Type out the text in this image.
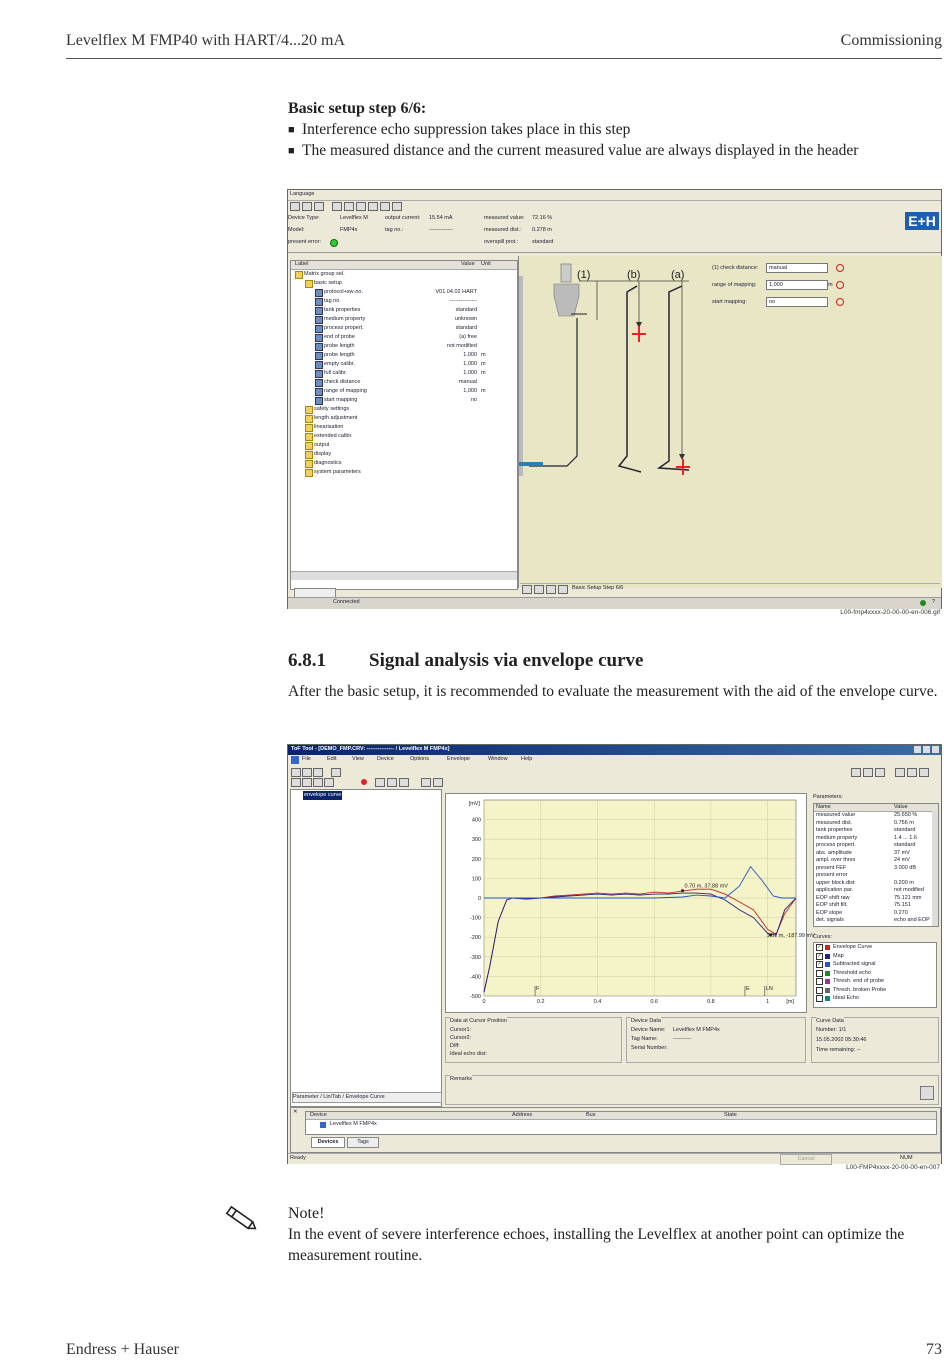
Levelflex M FMP40 with HART/4...20 mA	Commissioning
Basic setup step 6/6:
■ Interference echo suppression takes place in this step
■ The measured distance and the current measured value are always displayed in the header
Language
Device Type:	Levelflex M	output current: 15.54 mA	measured value: 72.16 %
Model:	FMP4x	tag no.:	-------------	measured dist.: 0.278 m
present error:	overspill prot.:	standard
E+H
Label	Value Unit
Matrix group sel.
basic setup
protocol+sw-no.	V01.04.02 HART
tag no.	---------------
tank properties	standard
medium property	unknown
process propert.	standard
end of probe	(a) free
probe length	not modified
probe length	1,000 m
empty calibr.	1,000 m
full calibr.	1,000 m
check distance	manual
range of mapping	1,000 m
start mapping	no
safety settings
length adjustment
linearisation
extended calibr.
output
display
diagnostics
system parameters
(1)	(b)	(a)
(1) check distance:	manual
range of mapping:	1,000	m
start mapping:	no
Basic Setup Step 6/6
Connected	?
L00-fmp4xxxx-20-00-00-en-006.gif
6.8.1 Signal analysis via envelope curve
After the basic setup, it is recommended to evaluate the measurement with the aid of the envelope curve.
ToF Tool - [DEMO_FMP.CRV: --------------- / Levelflex M FMP4x]
File	Edit	View Device	Options	Envelope	Window Help
envelope curve
Parameter / Lin/Tab / Envelope Curve
400
300
200
100
0
-100
-200
-300
-400
-500
0	0.2	0.4	0.6	0.8	1
[mV]
[m]
F	E	LN
0.70 m, 37.88 mV
1.01 m, -187.99 mV
Parameters:
Name	Value
measured value	25.650 %
measured dist.	0.756 m
tank properties	standard
medium property	1.4 ... 1.6
process propert.	standard
abs. amplitude	37 mV
ampl. over thres	24 mV
present FEF	3.000 dB
present error
upper block.dist	0.200 m
application par.	not modified
EOP shift raw	75.121 mm
EOP shift filt.	75.151
EOP slope	0.270
det. signals	echo and EOP
Curves:
✓ Envelope Curve
✓ Map
✓ Subtracted signal
Threshold echo
Thresh. end of probe
Thresh. broken Probe
Ideal Echo
Data at Cursor Position
Cursor1:
Cursor2:
Diff:
Ideal echo dist:
Device Data
Device Name: Levelflex M FMP4x
Tag Name:	----------
Serial Number:
Curve Data
Number: 1/1
15.05.2002 05:30:46
Time remaining: --
Remarks
✕ Device	Address	Bus	State
Levelflex M FMP4x
Devices	Tags
Ready	Cancel	NUM
L00-FMP4xxxx-20-00-00-en-007
Note!
In the event of severe interference echoes, installing the Levelflex at another point can optimize the measurement routine.
Endress + Hauser	73
